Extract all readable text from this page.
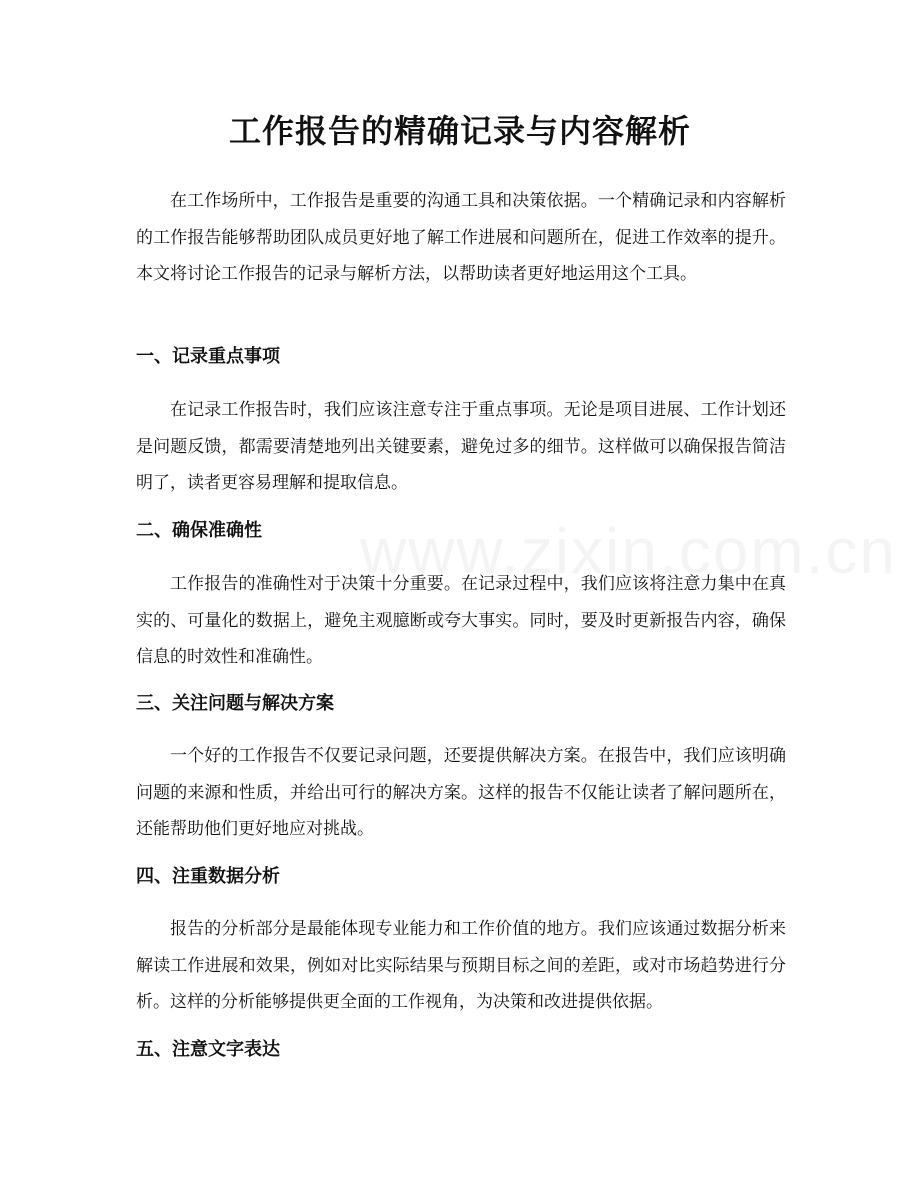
工作报告的精确记录与内容解析

在工作场所中，工作报告是重要的沟通工具和决策依据。一个精确记录和内容解析的工作报告能够帮助团队成员更好地了解工作进展和问题所在，促进工作效率的提升。本文将讨论工作报告的记录与解析方法，以帮助读者更好地运用这个工具。

一、记录重点事项

在记录工作报告时，我们应该注意专注于重点事项。无论是项目进展、工作计划还是问题反馈，都需要清楚地列出关键要素，避免过多的细节。这样做可以确保报告简洁明了，读者更容易理解和提取信息。

二、确保准确性

工作报告的准确性对于决策十分重要。在记录过程中，我们应该将注意力集中在真实的、可量化的数据上，避免主观臆断或夸大事实。同时，要及时更新报告内容，确保信息的时效性和准确性。

三、关注问题与解决方案

一个好的工作报告不仅要记录问题，还要提供解决方案。在报告中，我们应该明确问题的来源和性质，并给出可行的解决方案。这样的报告不仅能让读者了解问题所在，还能帮助他们更好地应对挑战。

四、注重数据分析

报告的分析部分是最能体现专业能力和工作价值的地方。我们应该通过数据分析来解读工作进展和效果，例如对比实际结果与预期目标之间的差距，或对市场趋势进行分析。这样的分析能够提供更全面的工作视角，为决策和改进提供依据。

五、注意文字表达
